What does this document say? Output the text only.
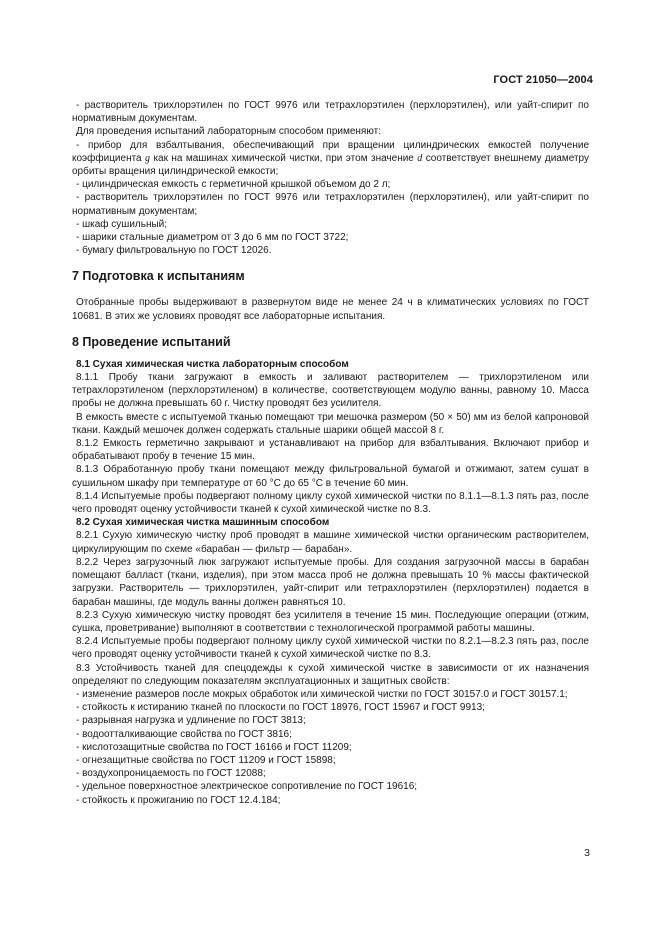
ГОСТ 21050—2004

- растворитель трихлорэтилен по ГОСТ 9976 или тетрахлорэтилен (перхлорэтилен), или уайт-спирит по нормативным документам.

Для проведения испытаний лабораторным способом применяют:

- прибор для взбалтывания, обеспечивающий при вращении цилиндрических емкостей получение коэффициента g как на машинах химической чистки, при этом значение d соответствует внешнему диаметру орбиты вращения цилиндрической емкости;

- цилиндрическая емкость с герметичной крышкой объемом до 2 л;

- растворитель трихлорэтилен по ГОСТ 9976 или тетрахлорэтилен (перхлорэтилен), или уайт-спирит по нормативным документам;

- шкаф сушильный;

- шарики стальные диаметром от 3 до 6 мм по ГОСТ 3722;

- бумагу фильтровальную по ГОСТ 12026.

7 Подготовка к испытаниям

Отобранные пробы выдерживают в развернутом виде не менее 24 ч в климатических условиях по ГОСТ 10681. В этих же условиях проводят все лабораторные испытания.

8 Проведение испытаний

8.1 Сухая химическая чистка лабораторным способом

8.1.1 Пробу ткани загружают в емкость и заливают растворителем — трихлорэтиленом или тетрахлорэтиленом (перхлорэтиленом) в количестве, соответствующем модулю ванны, равному 10. Масса пробы не должна превышать 60 г. Чистку проводят без усилителя.

В емкость вместе с испытуемой тканью помещают три мешочка размером (50 × 50) мм из белой капроновой ткани. Каждый мешочек должен содержать стальные шарики общей массой 8 г.

8.1.2 Емкость герметично закрывают и устанавливают на прибор для взбалтывания. Включают прибор и обрабатывают пробу в течение 15 мин.

8.1.3 Обработанную пробу ткани помещают между фильтровальной бумагой и отжимают, затем сушат в сушильном шкафу при температуре от 60 °С до 65 °С в течение 60 мин.

8.1.4 Испытуемые пробы подвергают полному циклу сухой химической чистки по 8.1.1—8.1.3 пять раз, после чего проводят оценку устойчивости тканей к сухой химической чистке по 8.3.

8.2 Сухая химическая чистка машинным способом

8.2.1 Сухую химическую чистку проб проводят в машине химической чистки органическим растворителем, циркулирующим по схеме «барабан — фильтр — барабан».

8.2.2 Через загрузочный люк загружают испытуемые пробы. Для создания загрузочной массы в барабан помещают балласт (ткани, изделия), при этом масса проб не должна превышать 10 % массы фактической загрузки. Растворитель — трихлорэтилен, уайт-спирит или тетрахлорэтилен (перхлорэтилен) подается в барабан машины, где модуль ванны должен равняться 10.

8.2.3 Сухую химическую чистку проводят без усилителя в течение 15 мин. Последующие операции (отжим, сушка, проветривание) выполняют в соответствии с технологической программой работы машины.

8.2.4 Испытуемые пробы подвергают полному циклу сухой химической чистки по 8.2.1—8.2.3 пять раз, после чего проводят оценку устойчивости тканей к сухой химической чистке по 8.3.

8.3 Устойчивость тканей для спецодежды к сухой химической чистке в зависимости от их назначения определяют по следующим показателям эксплуатационных и защитных свойств:

- изменение размеров после мокрых обработок или химической чистки по ГОСТ 30157.0 и ГОСТ 30157.1;

- стойкость к истиранию тканей по плоскости по ГОСТ 18976, ГОСТ 15967 и ГОСТ 9913;

- разрывная нагрузка и удлинение по ГОСТ 3813;

- водоотталкивающие свойства по ГОСТ 3816;

- кислотозащитные свойства по ГОСТ 16166 и ГОСТ 11209;

- огнезащитные свойства по ГОСТ 11209 и ГОСТ 15898;

- воздухопроницаемость по ГОСТ 12088;

- удельное поверхностное электрическое сопротивление по ГОСТ 19616;

- стойкость к прожиганию по ГОСТ 12.4.184;

3
